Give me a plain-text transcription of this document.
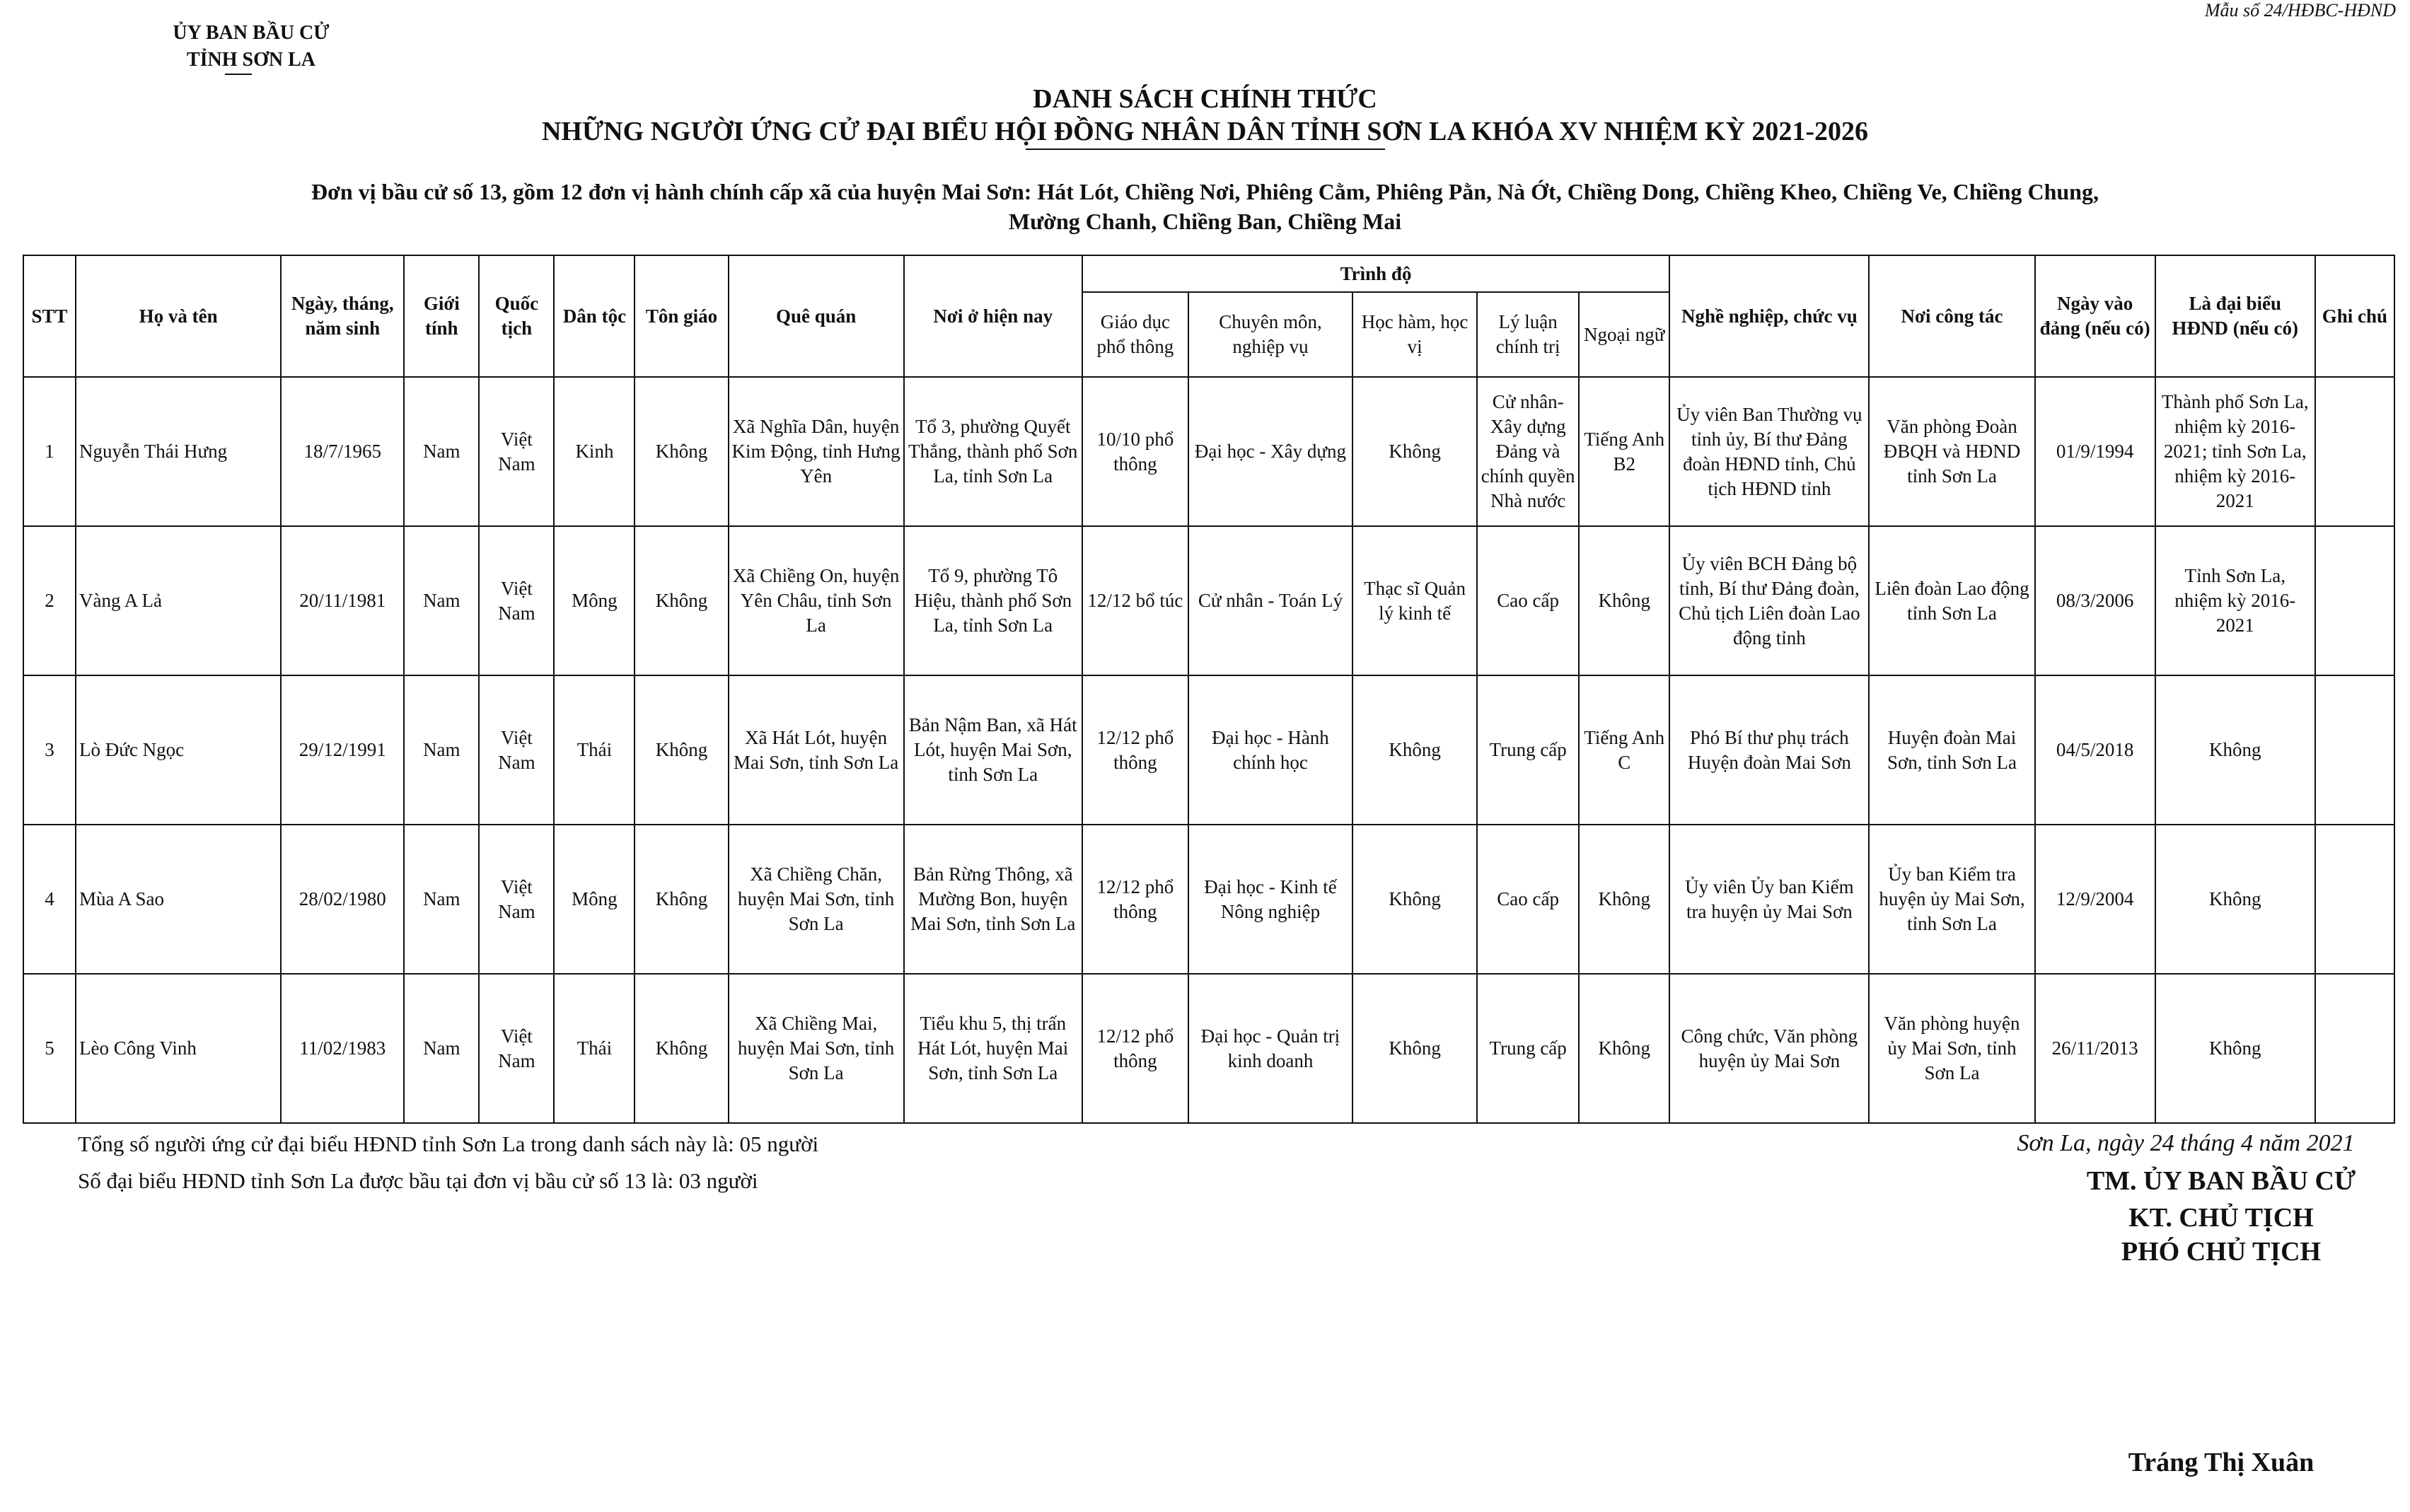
Mẫu số 24/HĐBC-HĐND
ỦY BAN BẦU CỬ
TỈNH SƠN LA
DANH SÁCH CHÍNH THỨC
NHỮNG NGƯỜI ỨNG CỬ ĐẠI BIỂU HỘI ĐỒNG NHÂN DÂN TỈNH SƠN LA KHÓA XV NHIỆM KỲ 2021-2026
Đơn vị bầu cử số 13, gồm 12 đơn vị hành chính cấp xã của huyện Mai Sơn: Hát Lót, Chiềng Nơi, Phiêng Cằm, Phiêng Pằn, Nà Ớt, Chiềng Dong, Chiềng Kheo, Chiềng Ve, Chiềng Chung,
Mường Chanh, Chiềng Ban, Chiềng Mai
STT	Họ và tên	Ngày, tháng, năm sinh	Giới tính	Quốc tịch	Dân tộc	Tôn giáo	Quê quán	Nơi ở hiện nay	Trình độ					Nghề nghiệp, chức vụ	Nơi công tác	Ngày vào đảng (nếu có)	Là đại biểu HĐND (nếu có)	Ghi chú
									Giáo dục phổ thông	Chuyên môn, nghiệp vụ	Học hàm, học vị	Lý luận chính trị	Ngoại ngữ					
1	Nguyễn Thái Hưng	18/7/1965	Nam	Việt Nam	Kinh	Không	Xã Nghĩa Dân, huyện Kim Động, tỉnh Hưng Yên	Tổ 3, phường Quyết Thắng, thành phố Sơn La, tỉnh Sơn La	10/10 phổ thông	Đại học - Xây dựng	Không	Cử nhân-Xây dựng Đảng và chính quyền Nhà nước	Tiếng Anh B2	Ủy viên Ban Thường vụ tỉnh ủy, Bí thư Đảng đoàn HĐND tỉnh, Chủ tịch HĐND tỉnh	Văn phòng Đoàn ĐBQH và HĐND tỉnh Sơn La	01/9/1994	Thành phố Sơn La, nhiệm kỳ 2016-2021; tỉnh Sơn La, nhiệm kỳ 2016-2021	
2	Vàng A Lả	20/11/1981	Nam	Việt Nam	Mông	Không	Xã Chiềng On, huyện Yên Châu, tỉnh Sơn La	Tổ 9, phường Tô Hiệu, thành phố Sơn La, tỉnh Sơn La	12/12 bổ túc	Cử nhân - Toán Lý	Thạc sĩ Quản lý kinh tế	Cao cấp	Không	Ủy viên BCH Đảng bộ tỉnh, Bí thư Đảng đoàn, Chủ tịch Liên đoàn Lao động tỉnh	Liên đoàn Lao động tỉnh Sơn La	08/3/2006	Tỉnh Sơn La, nhiệm kỳ 2016-2021	
3	Lò Đức Ngọc	29/12/1991	Nam	Việt Nam	Thái	Không	Xã Hát Lót, huyện Mai Sơn, tỉnh Sơn La	Bản Nậm Ban, xã Hát Lót, huyện Mai Sơn, tỉnh Sơn La	12/12 phổ thông	Đại học - Hành chính học	Không	Trung cấp	Tiếng Anh C	Phó Bí thư phụ trách Huyện đoàn Mai Sơn	Huyện đoàn Mai Sơn, tỉnh Sơn La	04/5/2018	Không	
4	Mùa A Sao	28/02/1980	Nam	Việt Nam	Mông	Không	Xã Chiềng Chăn, huyện Mai Sơn, tỉnh Sơn La	Bản Rừng Thông, xã Mường Bon, huyện Mai Sơn, tỉnh Sơn La	12/12 phổ thông	Đại học - Kinh tế Nông nghiệp	Không	Cao cấp	Không	Ủy viên Ủy ban Kiểm tra huyện ủy Mai Sơn	Ủy ban Kiểm tra huyện ủy Mai Sơn, tỉnh Sơn La	12/9/2004	Không	
5	Lèo Công Vinh	11/02/1983	Nam	Việt Nam	Thái	Không	Xã Chiềng Mai, huyện Mai Sơn, tỉnh Sơn La	Tiểu khu 5, thị trấn Hát Lót, huyện Mai Sơn, tỉnh Sơn La	12/12 phổ thông	Đại học - Quản trị kinh doanh	Không	Trung cấp	Không	Công chức, Văn phòng huyện ủy Mai Sơn	Văn phòng huyện ủy Mai Sơn, tỉnh Sơn La	26/11/2013	Không	
Tổng số người ứng cử đại biểu HĐND tỉnh Sơn La trong danh sách này là: 05 người
Số đại biểu HĐND tỉnh Sơn La được bầu tại đơn vị bầu cử số 13 là: 03 người
Sơn La, ngày 24 tháng 4 năm 2021
TM. ỦY BAN BẦU CỬ
KT. CHỦ TỊCH
PHÓ CHỦ TỊCH
Tráng Thị Xuân
